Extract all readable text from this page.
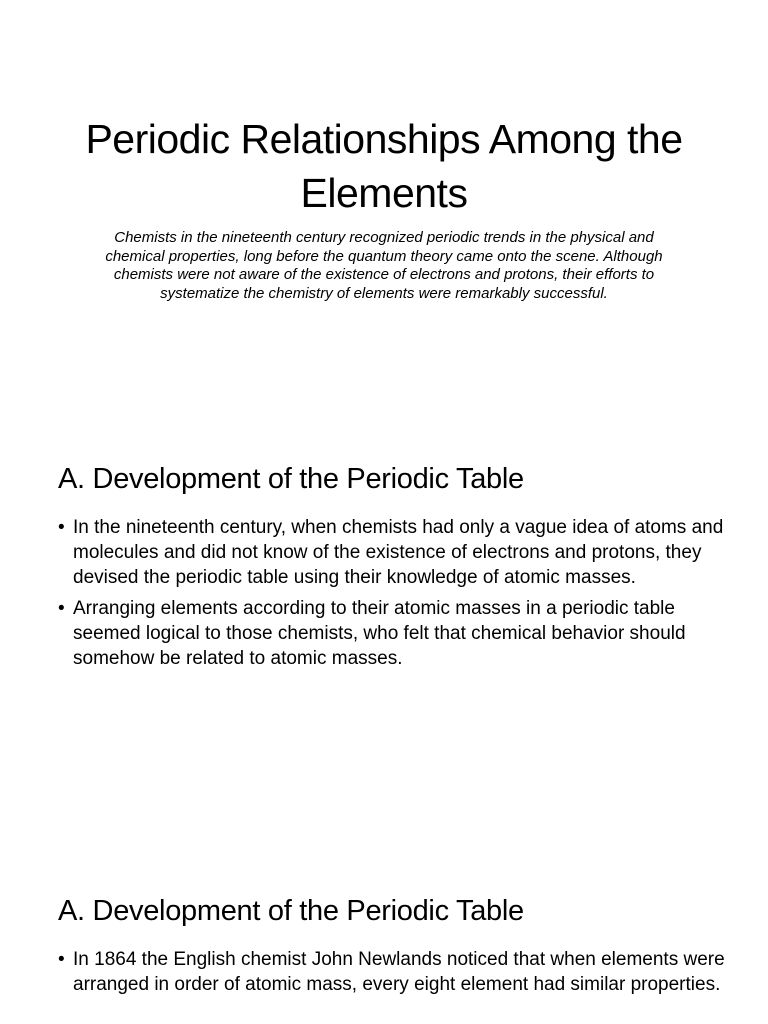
Periodic Relationships Among the Elements

Chemists in the nineteenth century recognized periodic trends in the physical and chemical properties, long before the quantum theory came onto the scene. Although chemists were not aware of the existence of electrons and protons, their efforts to systematize the chemistry of elements were remarkably successful.

A. Development of the Periodic Table
• In the nineteenth century, when chemists had only a vague idea of atoms and molecules and did not know of the existence of electrons and protons, they devised the periodic table using their knowledge of atomic masses.
• Arranging elements according to their atomic masses in a periodic table seemed logical to those chemists, who felt that chemical behavior should somehow be related to atomic masses.
A. Development of the Periodic Table
• In 1864 the English chemist John Newlands noticed that when elements were arranged in order of atomic mass, every eight element had similar properties.
